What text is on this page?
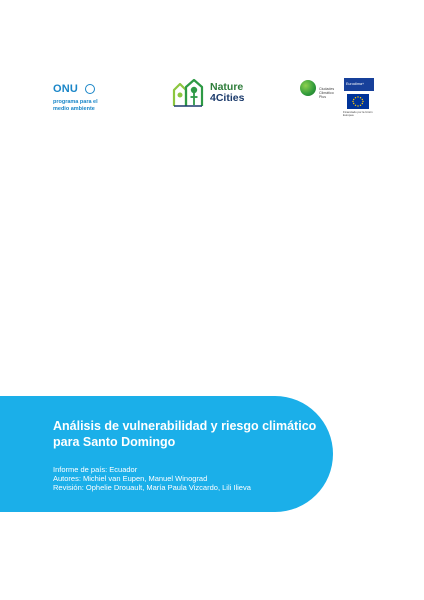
ONU
programa para el
medio ambiente
Nature
4Cities
Ciudades Climático Plus
Euroclima+
Financiado por la Unión Europea
Análisis de vulnerabilidad y riesgo climático para Santo Domingo
Informe de país: Ecuador
Autores: Michiel van Eupen, Manuel Winograd
Revisión: Ophelie Drouault, María Paula Vizcardo, Lili Ilieva
